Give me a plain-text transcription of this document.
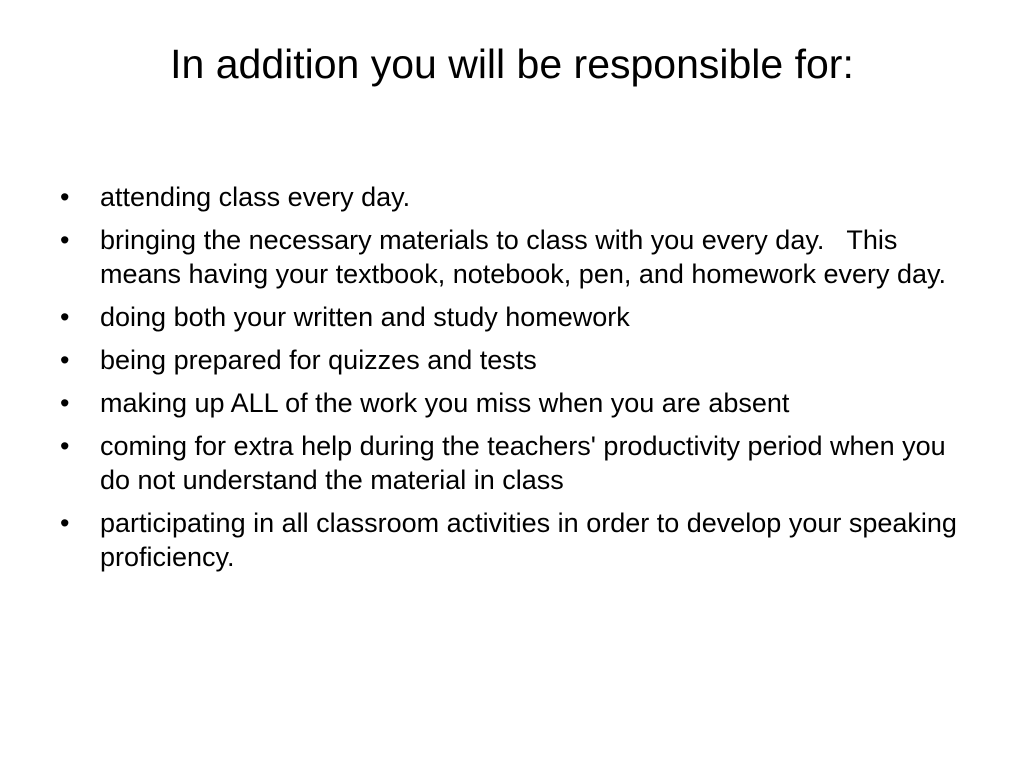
In addition you will be responsible for:
•	attending class every day.
•	bringing the necessary materials to class with you every day.   This means having your textbook, notebook, pen, and homework every day.
•	doing both your written and study homework
•	being prepared for quizzes and tests
•	making up ALL of the work you miss when you are absent
•	coming for extra help during the teachers' productivity period when you do not understand the material in class
•	participating in all classroom activities in order to develop your speaking proficiency.
